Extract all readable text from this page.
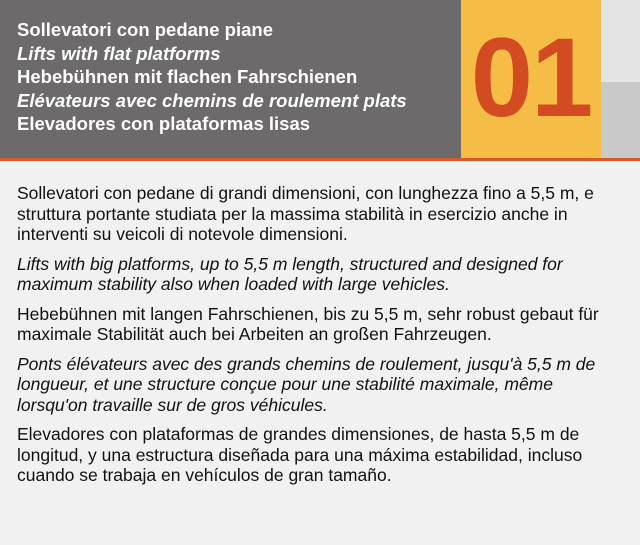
Sollevatori con pedane piane
Lifts with flat platforms
Hebebühnen mit flachen Fahrschienen
Elévateurs avec chemins de roulement plats
Elevadores con plataformas lisas	01

Sollevatori con pedane di grandi dimensioni, con lunghezza fino a 5,5 m, e struttura portante studiata per la massima stabilità in esercizio anche in interventi su veicoli di notevole dimensioni.

Lifts with big platforms, up to 5,5 m length, structured and designed for maximum stability also when loaded with large vehicles.

Hebebühnen mit langen Fahrschienen, bis zu 5,5 m, sehr robust gebaut für maximale Stabilität auch bei Arbeiten an großen Fahrzeugen.

Ponts élévateurs avec des grands chemins de roulement, jusqu'à 5,5 m de longueur, et une structure conçue pour une stabilité maximale, même lorsqu'on travaille sur de gros véhicules.

Elevadores con plataformas de grandes dimensiones, de hasta 5,5 m de longitud, y una estructura diseñada para una máxima estabilidad, incluso cuando se trabaja en vehículos de gran tamaño.
